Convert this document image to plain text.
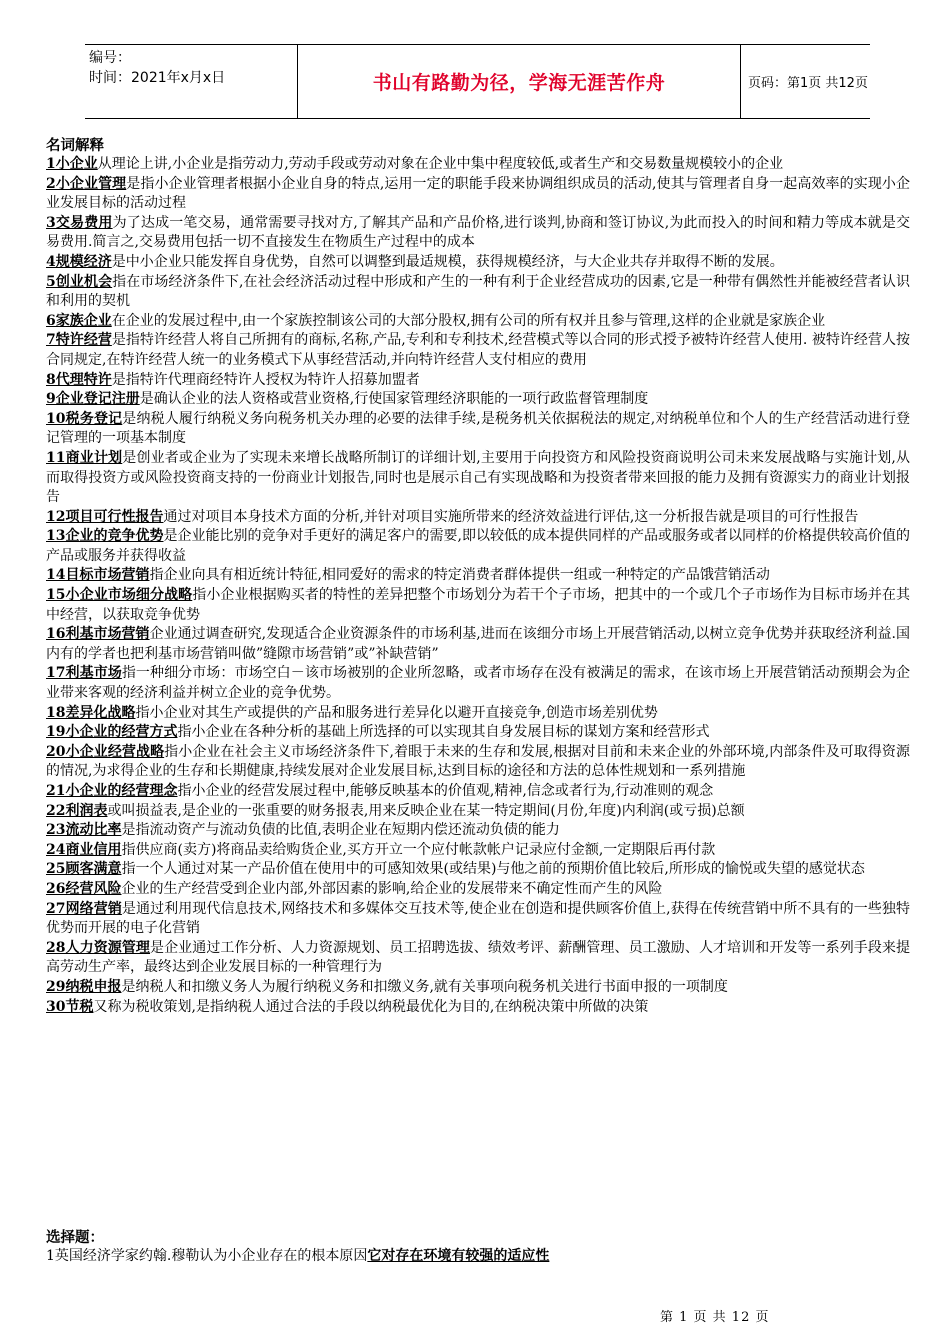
编号：
时间：2021年x月x日	书山有路勤为径，学海无涯苦作舟	页码：第1页 共12页
名词解释
1小企业从理论上讲,小企业是指劳动力,劳动手段或劳动对象在企业中集中程度较低,或者生产和交易数量规模较小的企业
2小企业管理是指小企业管理者根据小企业自身的特点,运用一定的职能手段来协调组织成员的活动,使其与管理者自身一起高效率的实现小企业发展目标的活动过程
3交易费用为了达成一笔交易，通常需要寻找对方,了解其产品和产品价格,进行谈判,协商和签订协议,为此而投入的时间和精力等成本就是交易费用.简言之,交易费用包括一切不直接发生在物质生产过程中的成本
4规模经济是中小企业只能发挥自身优势，自然可以调整到最适规模，获得规模经济，与大企业共存并取得不断的发展。
5创业机会指在市场经济条件下,在社会经济活动过程中形成和产生的一种有利于企业经营成功的因素,它是一种带有偶然性并能被经营者认识和利用的契机
6家族企业在企业的发展过程中,由一个家族控制该公司的大部分股权,拥有公司的所有权并且参与管理,这样的企业就是家族企业
7特许经营是指特许经营人将自己所拥有的商标,名称,产品,专利和专利技术,经营模式等以合同的形式授予被特许经营人使用. 被特许经营人按合同规定,在特许经营人统一的业务模式下从事经营活动,并向特许经营人支付相应的费用
8代理特许是指特许代理商经特许人授权为特许人招募加盟者
9企业登记注册是确认企业的法人资格或营业资格,行使国家管理经济职能的一项行政监督管理制度
10税务登记是纳税人履行纳税义务向税务机关办理的必要的法律手续,是税务机关依据税法的规定,对纳税单位和个人的生产经营活动进行登记管理的一项基本制度
11商业计划是创业者或企业为了实现未来增长战略所制订的详细计划,主要用于向投资方和风险投资商说明公司未来发展战略与实施计划,从而取得投资方或风险投资商支持的一份商业计划报告,同时也是展示自己有实现战略和为投资者带来回报的能力及拥有资源实力的商业计划报告
12项目可行性报告通过对项目本身技术方面的分析,并针对项目实施所带来的经济效益进行评估,这一分析报告就是项目的可行性报告
13企业的竞争优势是企业能比别的竞争对手更好的满足客户的需要,即以较低的成本提供同样的产品或服务或者以同样的价格提供较高价值的产品或服务并获得收益
14目标市场营销指企业向具有相近统计特征,相同爱好的需求的特定消费者群体提供一组或一种特定的产品饿营销活动
15小企业市场细分战略指小企业根据购买者的特性的差异把整个市场划分为若干个子市场，把其中的一个或几个子市场作为目标市场并在其中经营，以获取竞争优势
16利基市场营销企业通过调查研究,发现适合企业资源条件的市场利基,进而在该细分市场上开展营销活动,以树立竞争优势并获取经济利益.国内有的学者也把利基市场营销叫做”缝隙市场营销”或”补缺营销”
17利基市场指一种细分市场：市场空白－该市场被别的企业所忽略，或者市场存在没有被满足的需求，在该市场上开展营销活动预期会为企业带来客观的经济利益并树立企业的竞争优势。
18差异化战略指小企业对其生产或提供的产品和服务进行差异化以避开直接竞争,创造市场差别优势
19小企业的经营方式指小企业在各种分析的基础上所选择的可以实现其自身发展目标的谋划方案和经营形式
20小企业经营战略指小企业在社会主义市场经济条件下,着眼于未来的生存和发展,根据对目前和未来企业的外部环境,内部条件及可取得资源的情况,为求得企业的生存和长期健康,持续发展对企业发展目标,达到目标的途径和方法的总体性规划和一系列措施
21小企业的经营理念指小企业的经营发展过程中,能够反映基本的价值观,精神,信念或者行为,行动准则的观念
22利润表或叫损益表,是企业的一张重要的财务报表,用来反映企业在某一特定期间(月份,年度)内利润(或亏损)总额
23流动比率是指流动资产与流动负债的比值,表明企业在短期内偿还流动负债的能力
24商业信用指供应商(卖方)将商品卖给购货企业,买方开立一个应付帐款帐户记录应付金额,一定期限后再付款
25顾客满意指一个人通过对某一产品价值在使用中的可感知效果(或结果)与他之前的预期价值比较后,所形成的愉悦或失望的感觉状态
26经营风险企业的生产经营受到企业内部,外部因素的影响,给企业的发展带来不确定性而产生的风险
27网络营销是通过利用现代信息技术,网络技术和多媒体交互技术等,使企业在创造和提供顾客价值上,获得在传统营销中所不具有的一些独特优势而开展的电子化营销
28人力资源管理是企业通过工作分析、人力资源规划、员工招聘选拔、绩效考评、薪酬管理、员工激励、人才培训和开发等一系列手段来提高劳动生产率，最终达到企业发展目标的一种管理行为
29纳税申报是纳税人和扣缴义务人为履行纳税义务和扣缴义务,就有关事项向税务机关进行书面申报的一项制度
30节税又称为税收策划,是指纳税人通过合法的手段以纳税最优化为目的,在纳税决策中所做的决策
选择题：
1英国经济学家约翰.穆勒认为小企业存在的根本原因它对存在环境有较强的适应性
第 1 页 共 12 页
